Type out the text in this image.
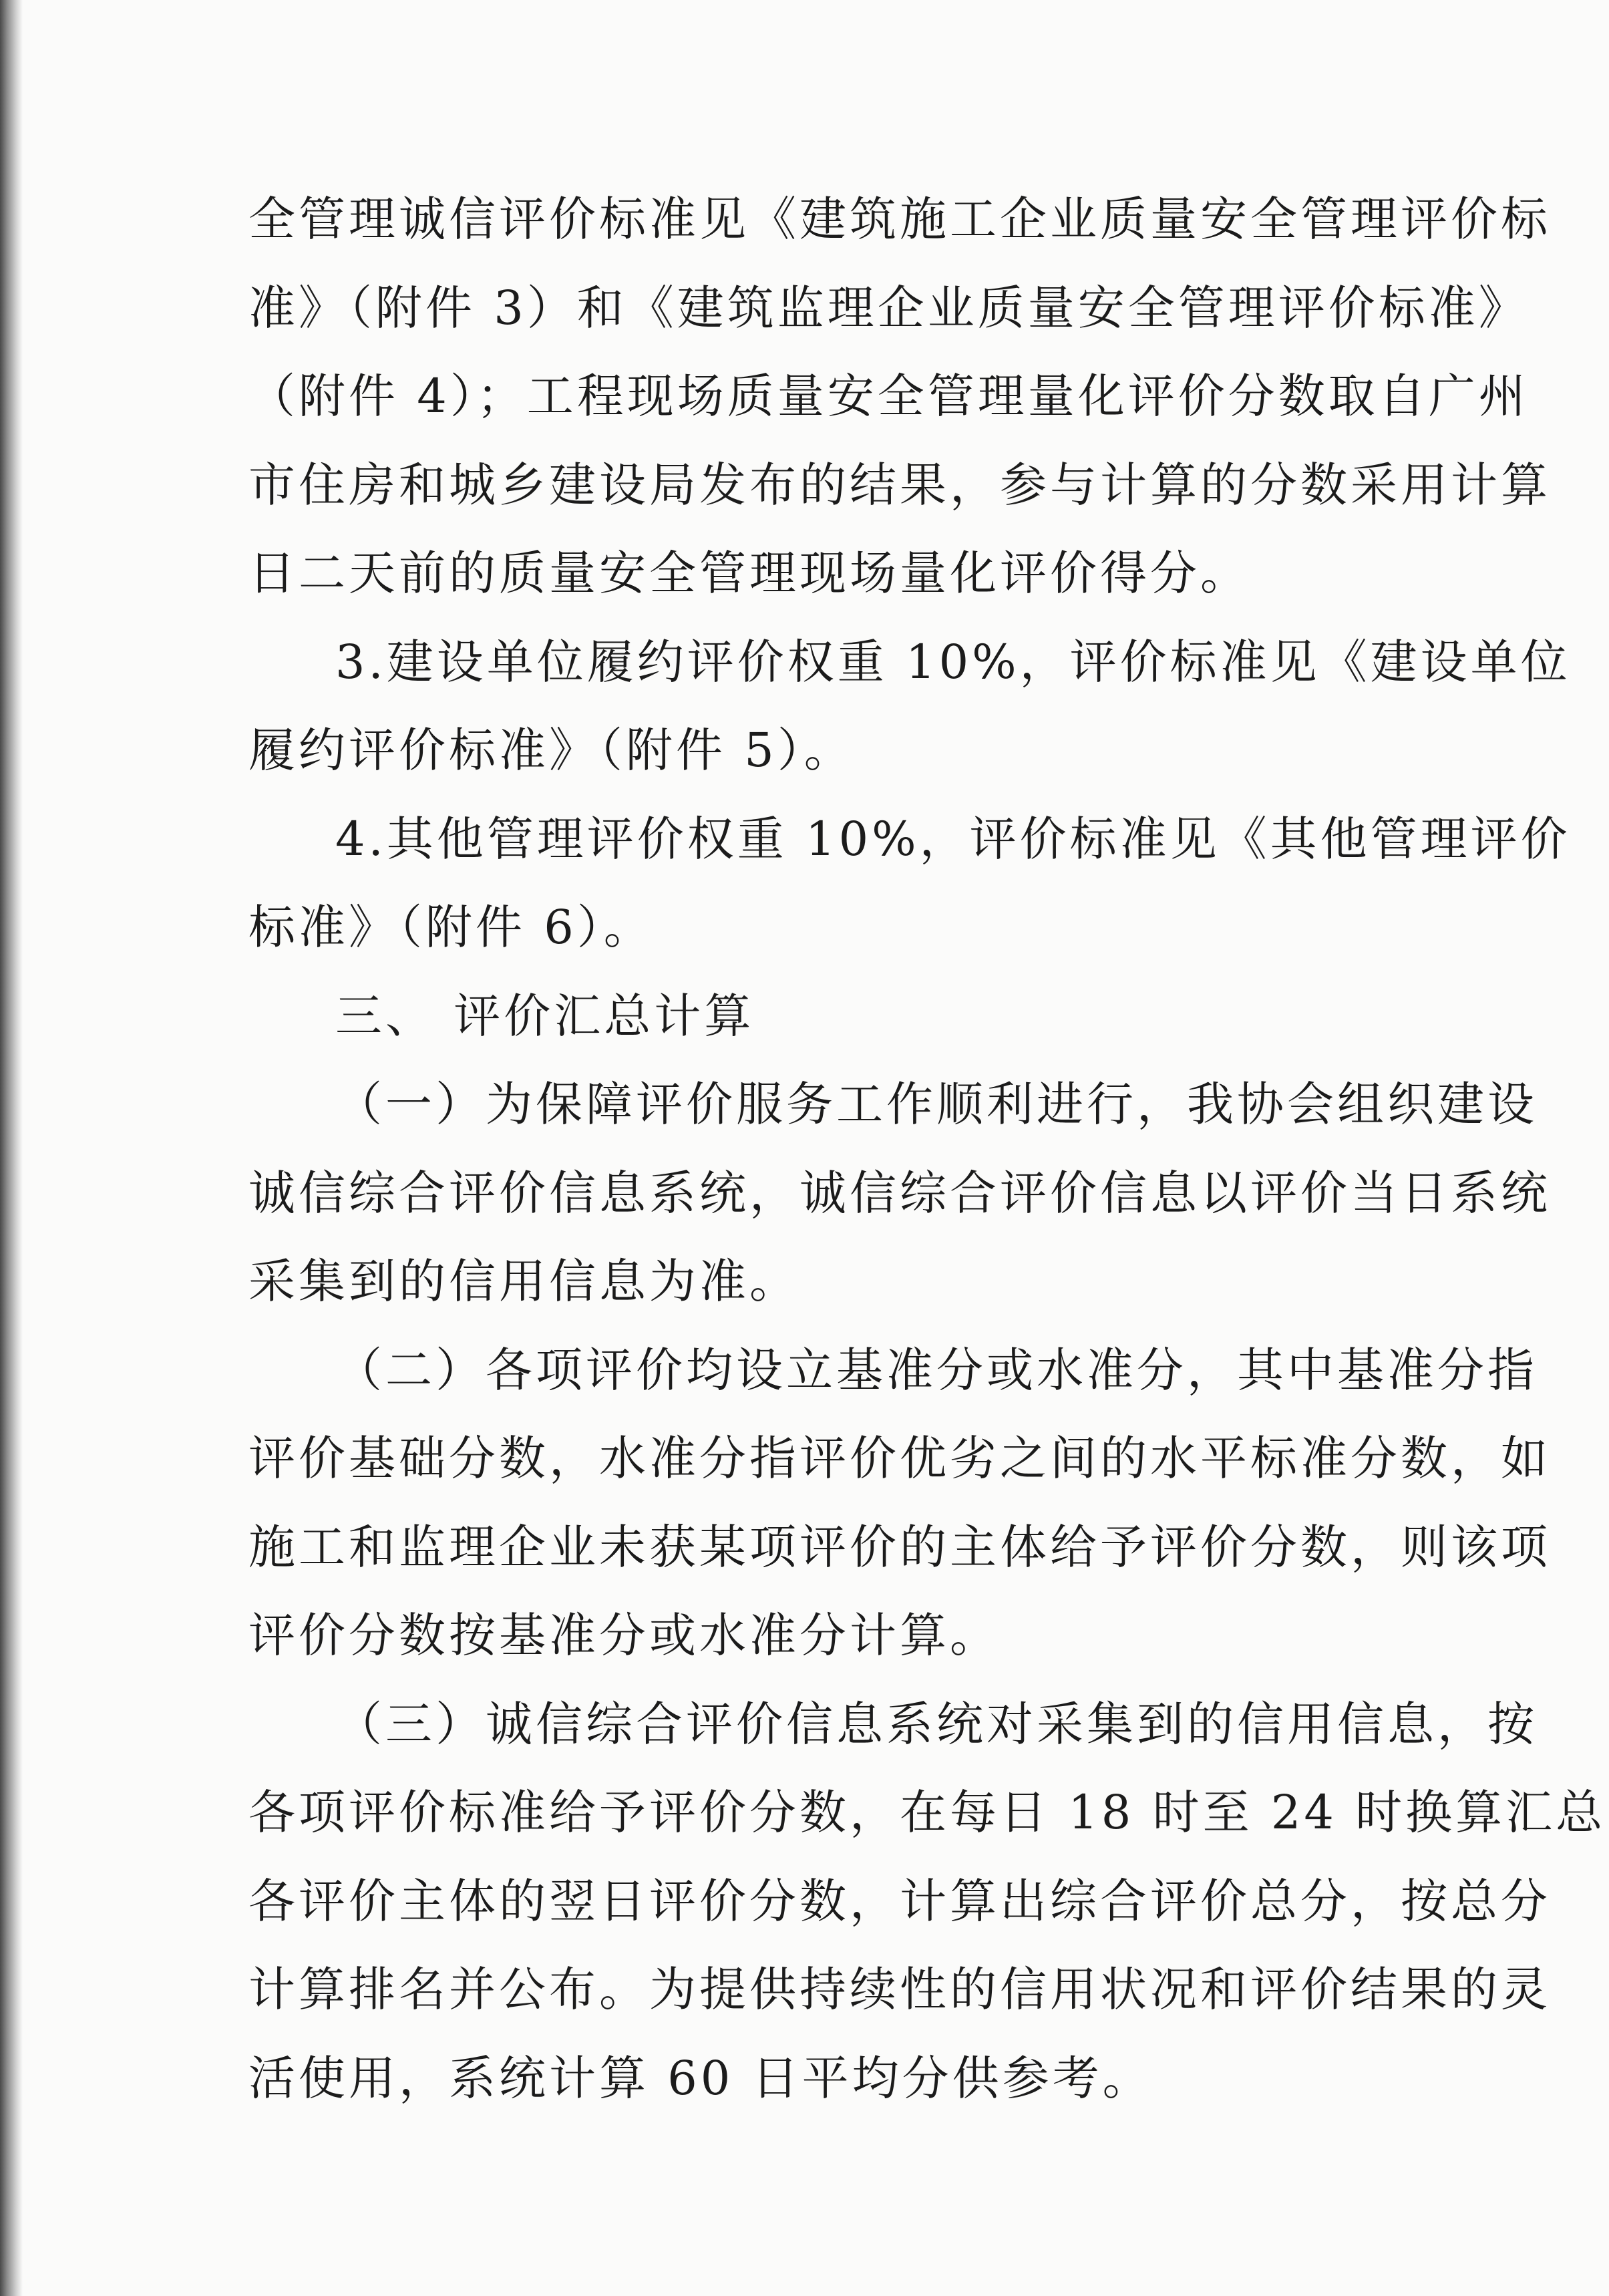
全管理诚信评价标准见《建筑施工企业质量安全管理评价标
准》（附件 3）和《建筑监理企业质量安全管理评价标准》
（附件 4）；工程现场质量安全管理量化评价分数取自广州
市住房和城乡建设局发布的结果，参与计算的分数采用计算
日二天前的质量安全管理现场量化评价得分。
3.建设单位履约评价权重 10%，评价标准见《建设单位
履约评价标准》（附件 5）。
4.其他管理评价权重 10%，评价标准见《其他管理评价
标准》（附件 6）。
三、 评价汇总计算
（一）为保障评价服务工作顺利进行，我协会组织建设
诚信综合评价信息系统，诚信综合评价信息以评价当日系统
采集到的信用信息为准。
（二）各项评价均设立基准分或水准分，其中基准分指
评价基础分数，水准分指评价优劣之间的水平标准分数，如
施工和监理企业未获某项评价的主体给予评价分数，则该项
评价分数按基准分或水准分计算。
（三）诚信综合评价信息系统对采集到的信用信息，按
各项评价标准给予评价分数，在每日 18 时至 24 时换算汇总
各评价主体的翌日评价分数，计算出综合评价总分，按总分
计算排名并公布。为提供持续性的信用状况和评价结果的灵
活使用，系统计算 60 日平均分供参考。
